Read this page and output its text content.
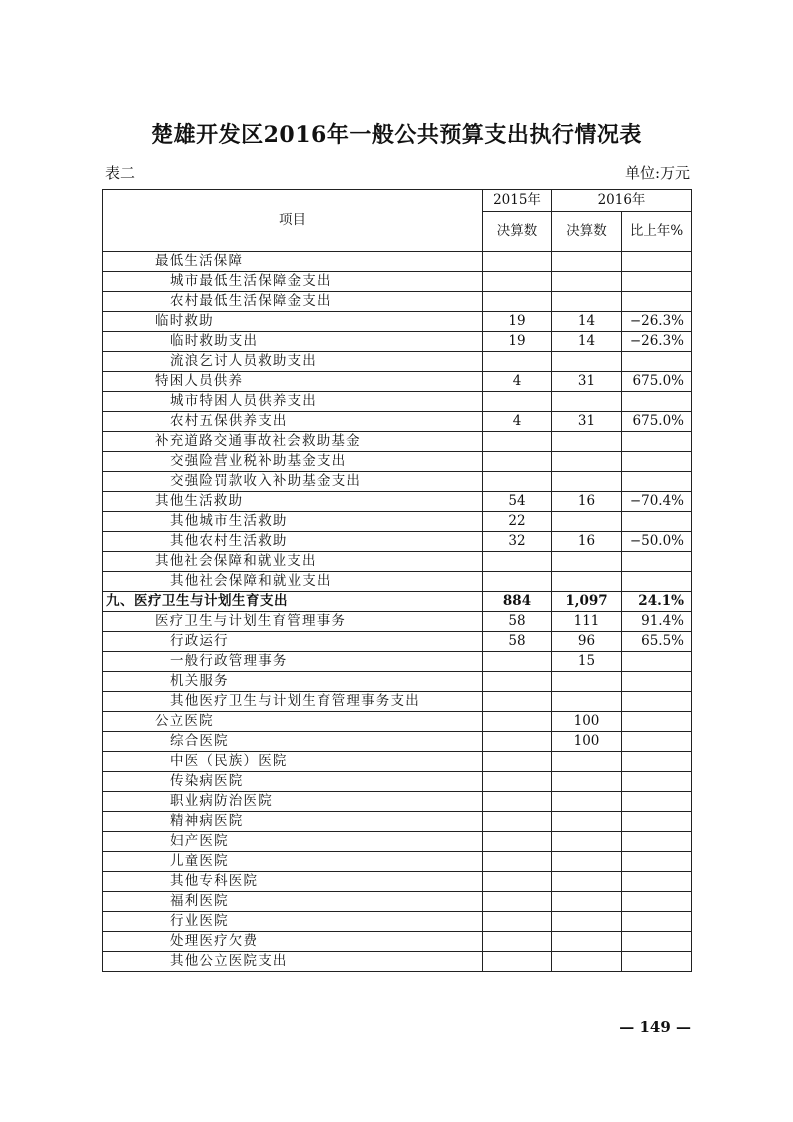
楚雄开发区2016年一般公共预算支出执行情况表
表二	单位:万元
项目	2015年	2016年	
	决算数	决算数	比上年%
最低生活保障			
城市最低生活保障金支出			
农村最低生活保障金支出			
临时救助	19	14	−26.3%
临时救助支出	19	14	−26.3%
流浪乞讨人员救助支出			
特困人员供养	4	31	675.0%
城市特困人员供养支出			
农村五保供养支出	4	31	675.0%
补充道路交通事故社会救助基金			
交强险营业税补助基金支出			
交强险罚款收入补助基金支出			
其他生活救助	54	16	−70.4%
其他城市生活救助	22		
其他农村生活救助	32	16	−50.0%
其他社会保障和就业支出			
其他社会保障和就业支出			
九、医疗卫生与计划生育支出	884	1,097	24.1%
医疗卫生与计划生育管理事务	58	111	91.4%
行政运行	58	96	65.5%
一般行政管理事务		15	
机关服务			
其他医疗卫生与计划生育管理事务支出			
公立医院		100	
综合医院		100	
中医（民族）医院			
传染病医院			
职业病防治医院			
精神病医院			
妇产医院			
儿童医院			
其他专科医院			
福利医院			
行业医院			
处理医疗欠费			
其他公立医院支出			
— 149 —
